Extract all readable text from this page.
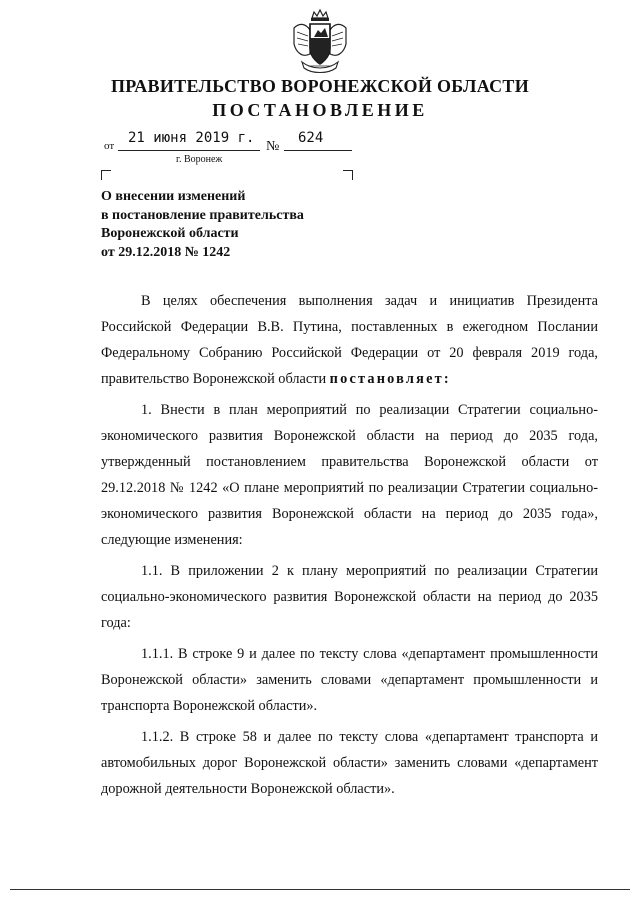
ПРАВИТЕЛЬСТВО ВОРОНЕЖСКОЙ ОБЛАСТИ
ПОСТАНОВЛЕНИЕ
от 21 июня 2019 г.
№
624
г. Воронеж
О внесении изменений
в постановление правительства
Воронежской области
от 29.12.2018 № 1242

В целях обеспечения выполнения задач и инициатив Президента Российской Федерации В.В. Путина, поставленных в ежегодном Послании Федеральному Собранию Российской Федерации от 20 февраля 2019 года, правительство Воронежской области постановляет:

1. Внести в план мероприятий по реализации Стратегии социально-экономического развития Воронежской области на период до 2035 года, утвержденный постановлением правительства Воронежской области от 29.12.2018 № 1242 «О плане мероприятий по реализации Стратегии социально-экономического развития Воронежской области на период до 2035 года», следующие изменения:

1.1. В приложении 2 к плану мероприятий по реализации Стратегии социально-экономического развития Воронежской области на период до 2035 года:

1.1.1. В строке 9 и далее по тексту слова «департамент промышленности Воронежской области» заменить словами «департамент промышленности и транспорта Воронежской области».

1.1.2. В строке 58 и далее по тексту слова «департамент транспорта и автомобильных дорог Воронежской области» заменить словами «департамент дорожной деятельности Воронежской области».
